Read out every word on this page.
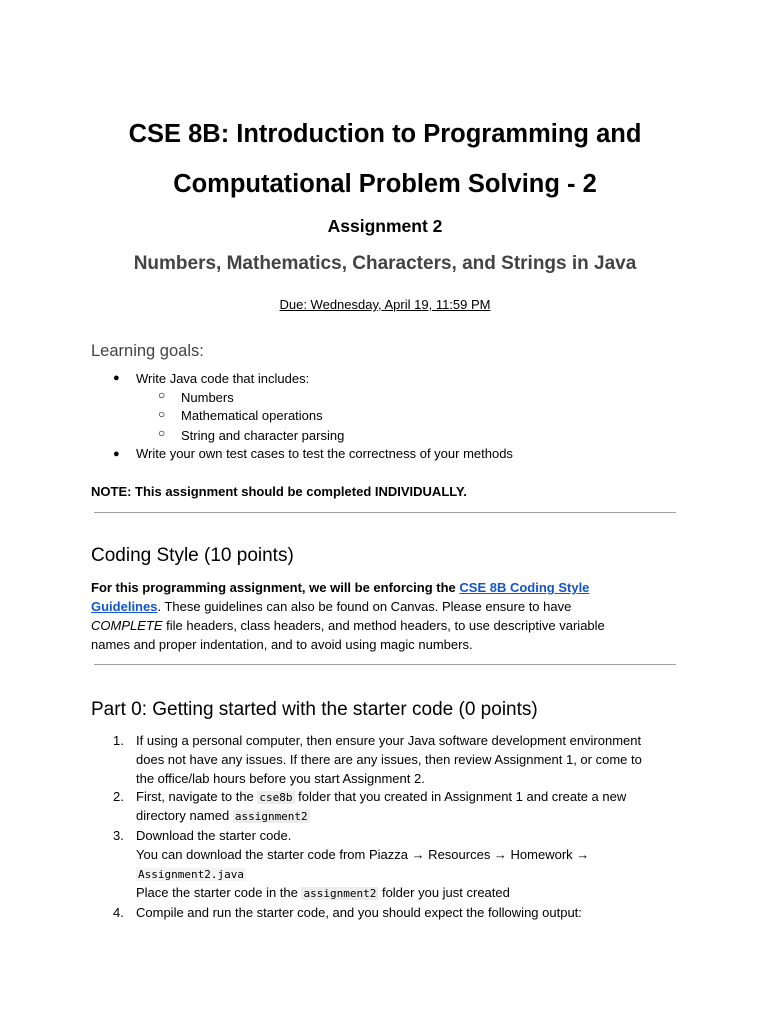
CSE 8B: Introduction to Programming and
Computational Problem Solving - 2
Assignment 2
Numbers, Mathematics, Characters, and Strings in Java
Due: Wednesday, April 19, 11:59 PM
Learning goals:
● Write Java code that includes:
○ Numbers
○ Mathematical operations
○ String and character parsing
● Write your own test cases to test the correctness of your methods
NOTE: This assignment should be completed INDIVIDUALLY.
Coding Style (10 points)
For this programming assignment, we will be enforcing the CSE 8B Coding Style
Guidelines. These guidelines can also be found on Canvas. Please ensure to have
COMPLETE file headers, class headers, and method headers, to use descriptive variable
names and proper indentation, and to avoid using magic numbers.
Part 0: Getting started with the starter code (0 points)
1. If using a personal computer, then ensure your Java software development environment
does not have any issues. If there are any issues, then review Assignment 1, or come to
the office/lab hours before you start Assignment 2.
2. First, navigate to the cse8b folder that you created in Assignment 1 and create a new
directory named assignment2
3. Download the starter code.
You can download the starter code from Piazza → Resources → Homework →
Assignment2.java
Place the starter code in the assignment2 folder you just created
4. Compile and run the starter code, and you should expect the following output:
